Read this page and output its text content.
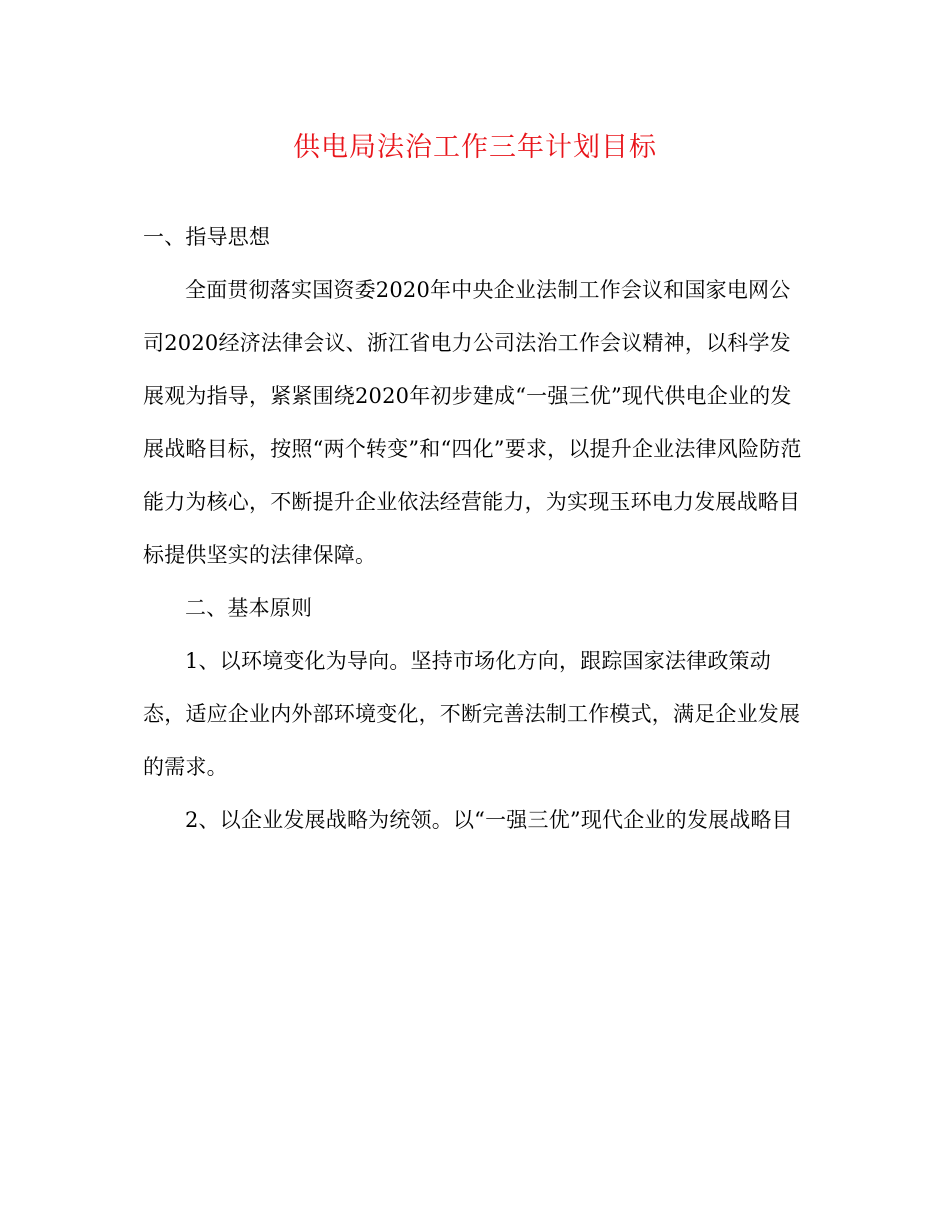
供电局法治工作三年计划目标

一、指导思想

全面贯彻落实国资委2020年中央企业法制工作会议和国家电网公司2020经济法律会议、浙江省电力公司法治工作会议精神，以科学发展观为指导，紧紧围绕2020年初步建成“一强三优”现代供电企业的发展战略目标，按照“两个转变”和“四化”要求，以提升企业法律风险防范能力为核心，不断提升企业依法经营能力，为实现玉环电力发展战略目标提供坚实的法律保障。

二、基本原则

1、以环境变化为导向。坚持市场化方向，跟踪国家法律政策动态，适应企业内外部环境变化，不断完善法制工作模式，满足企业发展的需求。

2、以企业发展战略为统领。以“一强三优”现代企业的发展战略目
